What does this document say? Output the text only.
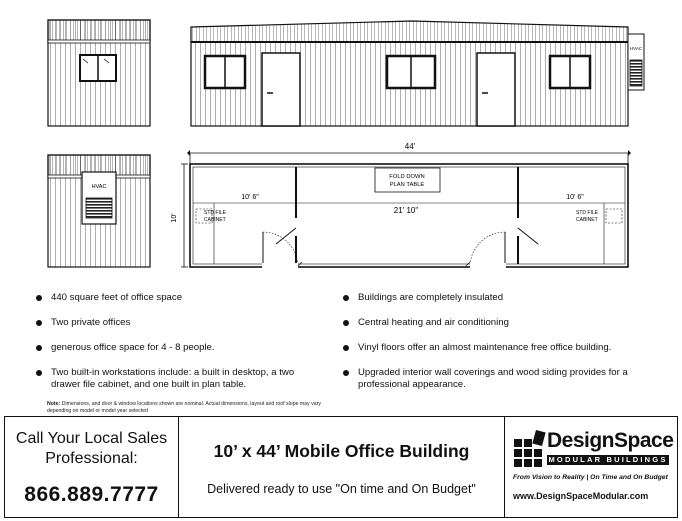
HVAC
HVAC
10'
44'
FOLD DOWN
PLAN TABLE
10' 6"
21' 10"
10' 6"
STD FILE
CABINET
STD FILE
CABINET
440 square feet of office space
Two private offices
generous office space for 4 - 8 people.
Two built-in workstations include: a built in desktop, a two drawer file cabinet, and one built in plan table.
Buildings are completely insulated
Central heating and air conditioning
Vinyl floors offer an almost maintenance free office building.
Upgraded interior wall coverings and wood siding provides for a professional appearance.
Note: Dimensions, and door & window locations shown are nominal. Actual dimensions, layout and roof slope may vary depending on model or model year selected
Call Your Local Sales
Professional:
866.889.7777
10’ x 44’ Mobile Office Building
Delivered ready to use "On time and On Budget"
DesignSpace
MODULAR BUILDINGS
From Vision to Reality | On Time and On Budget
www.DesignSpaceModular.com
